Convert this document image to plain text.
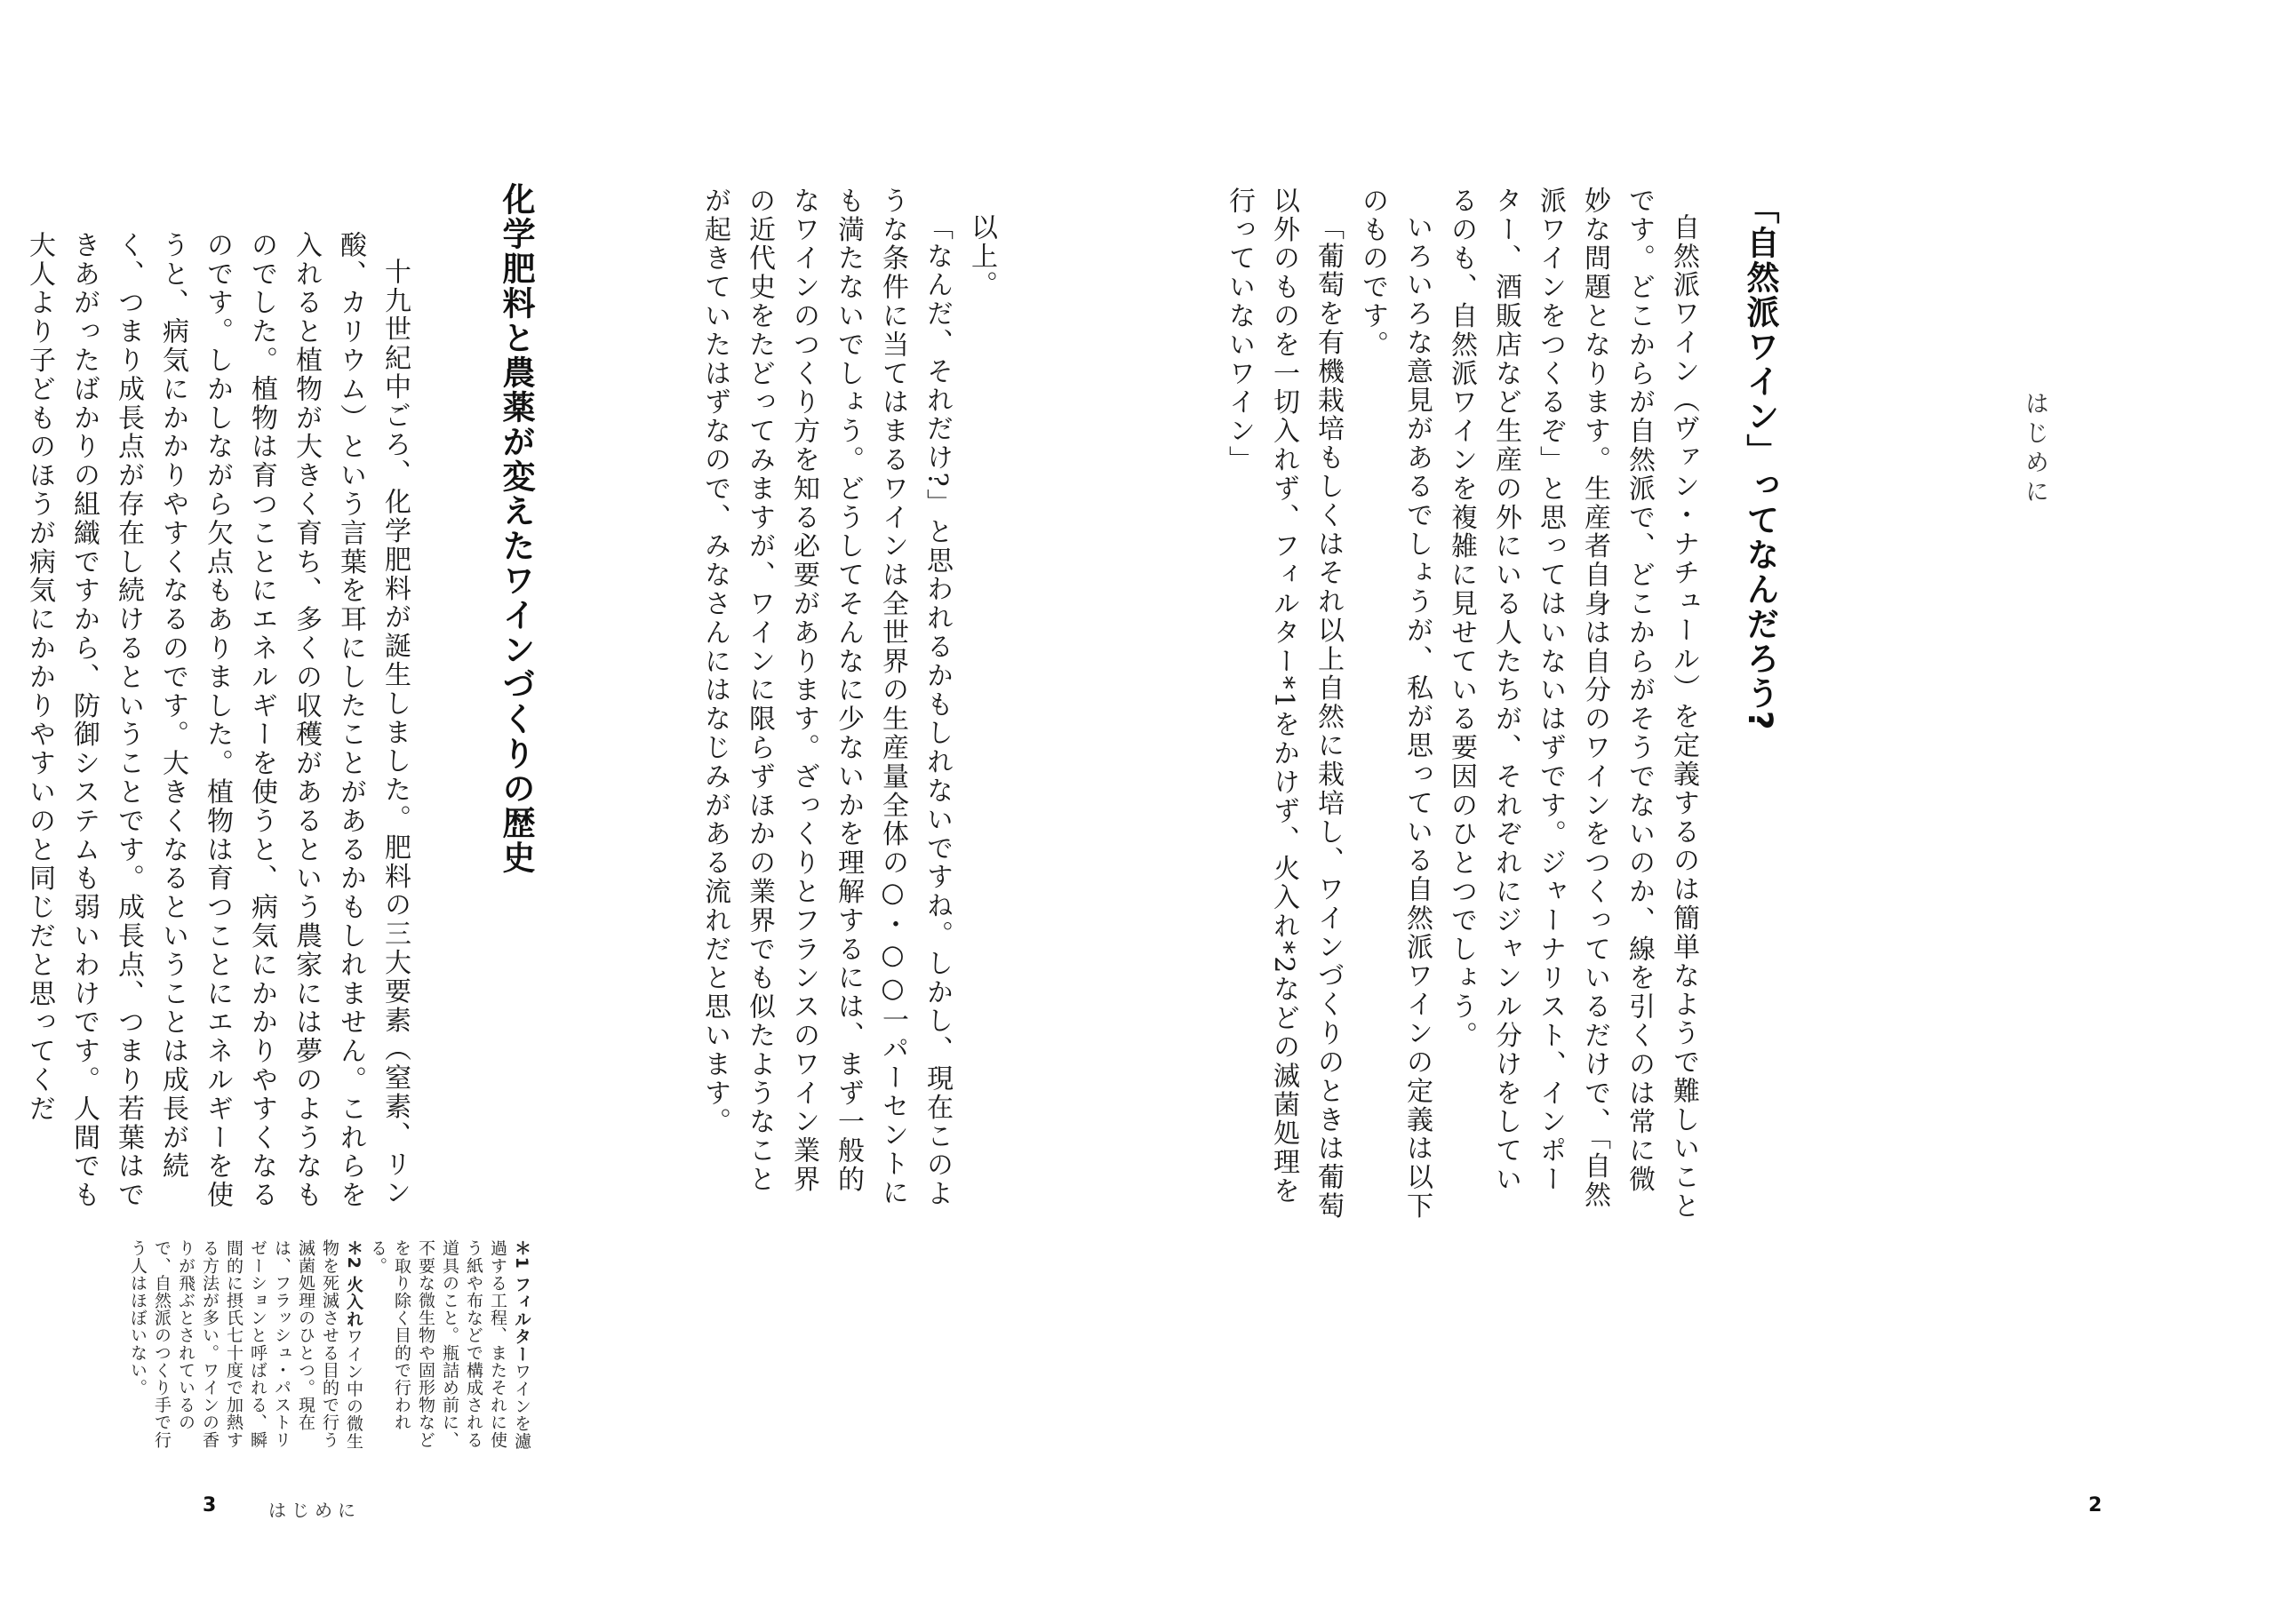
はじめに
「自然派ワイン」ってなんだろう?

自然派ワイン（ヴァン・ナチュール）を定義するのは簡単なようで難しいことです。どこからが自然派で、どこからがそうでないのか、線を引くのは常に微妙な問題となります。生産者自身は自分のワインをつくっているだけで、「自然派ワインをつくるぞ」と思ってはいないはずです。ジャーナリスト、インポーター、酒販店など生産の外にいる人たちが、それぞれにジャンル分けをしているのも、自然派ワインを複雑に見せている要因のひとつでしょう。

いろいろな意見があるでしょうが、私が思っている自然派ワインの定義は以下のものです。

「葡萄を有機栽培もしくはそれ以上自然に栽培し、ワインづくりのときは葡萄以外のものを一切入れず、フィルター*1をかけず、火入れ*2などの滅菌処理を行っていないワイン」

2

以上。

「なんだ、それだけ?」と思われるかもしれないですね。しかし、現在このような条件に当てはまるワインは全世界の生産量全体の○・○○一パーセントにも満たないでしょう。どうしてそんなに少ないかを理解するには、まず一般的なワインのつくり方を知る必要があります。ざっくりとフランスのワイン業界の近代史をたどってみますが、ワインに限らずほかの業界でも似たようなことが起きていたはずなので、みなさんにはなじみがある流れだと思います。

化学肥料と農薬が変えたワインづくりの歴史

十九世紀中ごろ、化学肥料が誕生しました。肥料の三大要素（窒素、リン酸、カリウム）という言葉を耳にしたことがあるかもしれません。これらを入れると植物が大きく育ち、多くの収穫があるという農家には夢のようなものでした。植物は育つことにエネルギーを使うと、病気にかかりやすくなるのです。しかしながら欠点もありました。植物は育つことにエネルギーを使うと、病気にかかりやすくなるのです。大きくなるということは成長が続く、つまり成長点が存在し続けるということです。成長点、つまり若葉はできあがったばかりの組織ですから、防御システムも弱いわけです。人間でも大人より子どものほうが病気にかかりやすいのと同じだと思ってくだ

＊1 フィルターワインを濾過する工程、またそれに使う紙や布などで構成される道具のこと。瓶詰め前に、不要な微生物や固形物などを取り除く目的で行われる。

＊2 火入れワイン中の微生物を死滅させる目的で行う滅菌処理のひとつ。現在は、フラッシュ・パストリゼーションと呼ばれる、瞬間的に摂氏七十度で加熱する方法が多い。ワインの香りが飛ぶとされているので、自然派のつくり手で行う人はほぼいない。

3	はじめに
